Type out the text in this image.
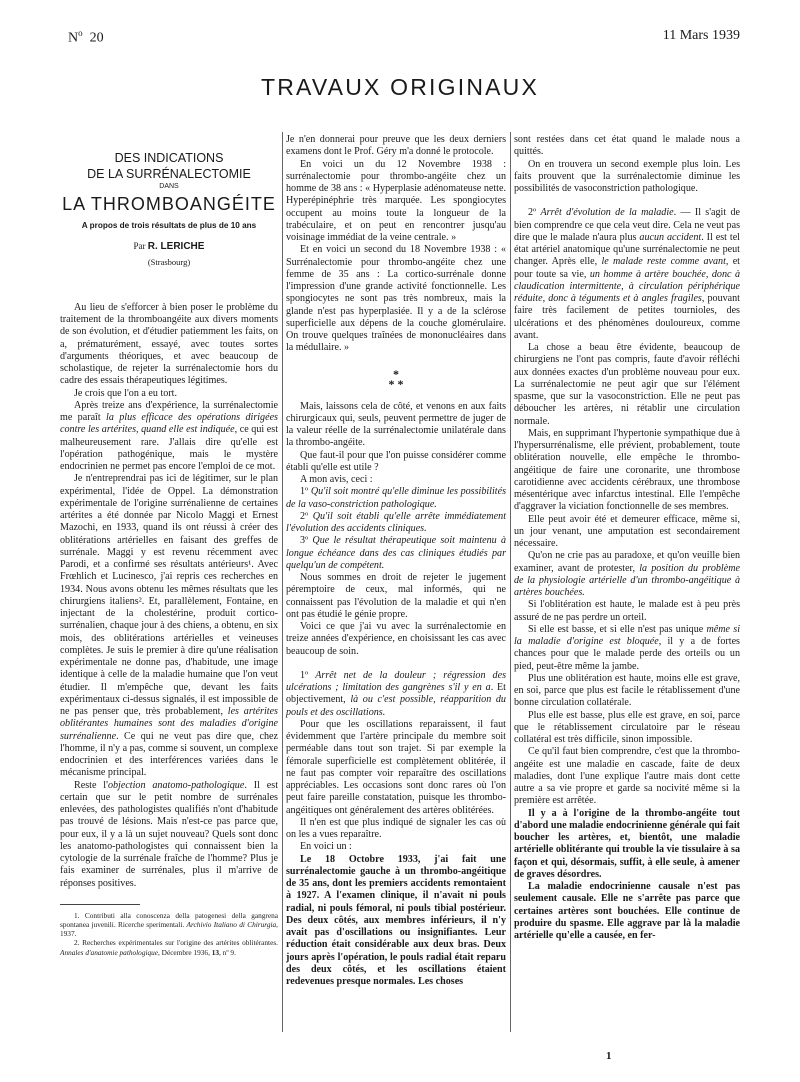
$N^o$ 20	11 Mars 1939
TRAVAUX ORIGINAUX
DES INDICATIONS
DE LA SURRÉNALECTOMIE
DANS
LA THROMBOANGÉITE
A propos de trois résultats de plus de 10 ans
Par R. LERICHE
(Strasbourg)

Au lieu de s'efforcer à bien poser le problème du traitement de la thromboangéite aux divers moments de son évolution, et d'étudier patiemment les faits, on a, prématurément, essayé, avec toutes sortes d'arguments théoriques, et avec beaucoup de scholastique, de rejeter la surrénalectomie hors du cadre des essais thérapeutiques légitimes.

Je crois que l'on a eu tort.

Après treize ans d'expérience, la surrénalectomie me paraît la plus efficace des opérations dirigées contre les artérites, quand elle est indiquée, ce qui est malheureusement rare. J'allais dire qu'elle est l'opération pathogénique, mais le mystère endocrinien ne permet pas encore l'emploi de ce mot.

Je n'entreprendrai pas ici de légitimer, sur le plan expérimental, l'idée de Oppel. La démonstration expérimentale de l'origine surrénalienne de certaines artérites a été donnée par Nicolo Maggi et Ernest Mazochi, en 1933, quand ils ont réussi à créer des oblitérations artérielles en faisant des greffes de surrénale. Maggi y est revenu récemment avec Parodi, et a confirmé ses résultats antérieurs¹. Avec Frœhlich et Lucinesco, j'ai repris ces recherches en 1934. Nous avons obtenu les mêmes résultats que les chirurgiens italiens². Et, parallèlement, Fontaine, en injectant de la cholestérine, produit cortico-surrénalien, chaque jour à des chiens, a obtenu, en six mois, des oblitérations artérielles et veineuses complètes. Je suis le premier à dire qu'une réalisation expérimentale ne donne pas, d'habitude, une image identique à celle de la maladie humaine que l'on veut étudier. Il m'empêche que, devant les faits expérimentaux ci-dessus signalés, il est impossible de ne pas penser que, très probablement, les artérites oblitérantes humaines sont des maladies d'origine surrénalienne. Ce qui ne veut pas dire que, chez l'homme, il n'y a pas, comme si souvent, un complexe endocrinien et des interférences variées dans le mécanisme principal.

Reste l'objection anatomo-pathologique. Il est certain que sur le petit nombre de surrénales enlevées, des pathologistes qualifiés n'ont d'habitude pas trouvé de lésions. Mais n'est-ce pas parce que, pour eux, il y a là un sujet nouveau? Quels sont donc les anatomo-pathologistes qui connaissent bien la cytologie de la surrénale fraîche de l'homme? Plus je fais examiner de surrénales, plus il m'arrive de réponses positives.

1. Contributi alla conoscenza della patogenesi della gangrena spontanea juvenili. Ricerche sperimentali. Archivio Italiano di Chirurgia, 1937.

2. Recherches expérimentales sur l'origine des artérites oblitérantes. Annales d'anatomie pathologique, Décembre 1936, 13, nº 9.

Je n'en donnerai pour preuve que les deux derniers examens dont le Prof. Géry m'a donné le protocole.

En voici un du 12 Novembre 1938 : surrénalectomie pour thrombo-angéite chez un homme de 38 ans : « Hyperplasie adénomateuse nette. Hyperépinéphrie très marquée. Les spongiocytes occupent au moins toute la longueur de la trabéculaire, et on peut en rencontrer jusqu'au voisinage immédiat de la veine centrale. »

Et en voici un second du 18 Novembre 1938 : « Surrénalectomie pour thrombo-angéite chez une femme de 35 ans : La cortico-surrénale donne l'impression d'une grande activité fonctionnelle. Les spongiocytes ne sont pas très nombreux, mais la glande n'est pas hyperplasiée. Il y a de la sclérose superficielle aux dépens de la couche glomérulaire. On trouve quelques traînées de mononucléaires dans la médullaire. »

*
* *

Mais, laissons cela de côté, et venons en aux faits chirurgicaux qui, seuls, peuvent permettre de juger de la valeur réelle de la surrénalectomie unilatérale dans la thrombo-angéite.

Que faut-il pour que l'on puisse considérer comme établi qu'elle est utile ?

A mon avis, ceci :

1º Qu'il soit montré qu'elle diminue les possibilités de la vaso-constriction pathologique.

2º Qu'il soit établi qu'elle arrête immédiatement l'évolution des accidents cliniques.

3º Que le résultat thérapeutique soit maintenu à longue échéance dans des cas cliniques étudiés par quelqu'un de compétent.

Nous sommes en droit de rejeter le jugement péremptoire de ceux, mal informés, qui ne connaissent pas l'évolution de la maladie et qui n'en ont pas étudié le génie propre.

Voici ce que j'ai vu avec la surrénalectomie en treize années d'expérience, en choisissant les cas avec beaucoup de soin.

1º Arrêt net de la douleur ; régression des ulcérations ; limitation des gangrènes s'il y en a. Et objectivement, là ou c'est possible, réapparition du pouls et des oscillations.

Pour que les oscillations reparaissent, il faut évidemment que l'artère principale du membre soit perméable dans tout son trajet. Si par exemple la fémorale superficielle est complètement oblitérée, il ne faut pas compter voir reparaître des oscillations appréciables. Les occasions sont donc rares où l'on peut faire pareille constatation, puisque les thrombo-angéitiques ont généralement des artères oblitérées.

Il n'en est que plus indiqué de signaler les cas où on les a vues reparaître.

En voici un :

Le 18 Octobre 1933, j'ai fait une surrénalectomie gauche à un thrombo-angéitique de 35 ans, dont les premiers accidents remontaient à 1927. A l'examen clinique, il n'avait ni pouls radial, ni pouls fémoral, ni pouls tibial postérieur. Des deux côtés, aux membres inférieurs, il n'y avait pas d'oscillations ou insignifiantes. Leur réduction était considérable aux deux bras. Deux jours après l'opération, le pouls radial était reparu des deux côtés, et les oscillations étaient redevenues presque normales. Les choses

sont restées dans cet état quand le malade nous a quittés.

On en trouvera un second exemple plus loin. Les faits prouvent que la surrénalectomie diminue les possibilités de vasoconstriction pathologique.

2º Arrêt d'évolution de la maladie. — Il s'agit de bien comprendre ce que cela veut dire. Cela ne veut pas dire que le malade n'aura plus aucun accident. Il est tel état artériel anatomique qu'une surrénalectomie ne peut changer. Après elle, le malade reste comme avant, et pour toute sa vie, un homme à artère bouchée, donc à claudication intermittente, à circulation périphérique réduite, donc à téguments et à angles fragiles, pouvant faire très facilement de petites tournioles, des ulcérations et des phénomènes douloureux, comme avant.

La chose a beau être évidente, beaucoup de chirurgiens ne l'ont pas compris, faute d'avoir réfléchi aux données exactes d'un problème nouveau pour eux. La surrénalectomie ne peut agir que sur l'élément spasme, que sur la vasoconstriction. Elle ne peut pas déboucher les artères, ni rétablir une circulation normale.

Mais, en supprimant l'hypertonie sympathique due à l'hypersurrénalisme, elle prévient, probablement, toute oblitération nouvelle, elle empêche le thrombo-angéitique de faire une coronarite, une thrombose carotidienne avec accidents cérébraux, une thrombose mésentérique avec infarctus intestinal. Elle l'empêche d'aggraver la viciation fonctionnelle de ses membres.

Elle peut avoir été et demeurer efficace, même si, un jour venant, une amputation est secondairement nécessaire.

Qu'on ne crie pas au paradoxe, et qu'on veuille bien examiner, avant de protester, la position du problème de la physiologie artérielle d'un thrombo-angéitique à artères bouchées.

Si l'oblitération est haute, le malade est à peu près assuré de ne pas perdre un orteil.

Si elle est basse, et si elle n'est pas unique même si la maladie d'origine est bloquée, il y a de fortes chances pour que le malade perde des orteils ou un pied, peut-être même la jambe.

Plus une oblitération est haute, moins elle est grave, en soi, parce que plus est facile le rétablissement d'une bonne circulation collatérale.

Plus elle est basse, plus elle est grave, en soi, parce que le rétablissement circulatoire par le réseau collatéral est très difficile, sinon impossible.

Ce qu'il faut bien comprendre, c'est que la thrombo-angéite est une maladie en cascade, faite de deux maladies, dont l'une explique l'autre mais dont cette autre a sa vie propre et garde sa nocivité même si la première est arrêtée.

Il y a à l'origine de la thrombo-angéite tout d'abord une maladie endocrinienne générale qui fait boucher les artères, et, bientôt, une maladie artérielle oblitérante qui trouble la vie tissulaire à sa façon et qui, désormais, suffit, à elle seule, à amener de graves désordres.

La maladie endocrinienne causale n'est pas seulement causale. Elle ne s'arrête pas parce que certaines artères sont bouchées. Elle continue de produire du spasme. Elle aggrave par là la maladie artérielle qu'elle a causée, en fer-

1
